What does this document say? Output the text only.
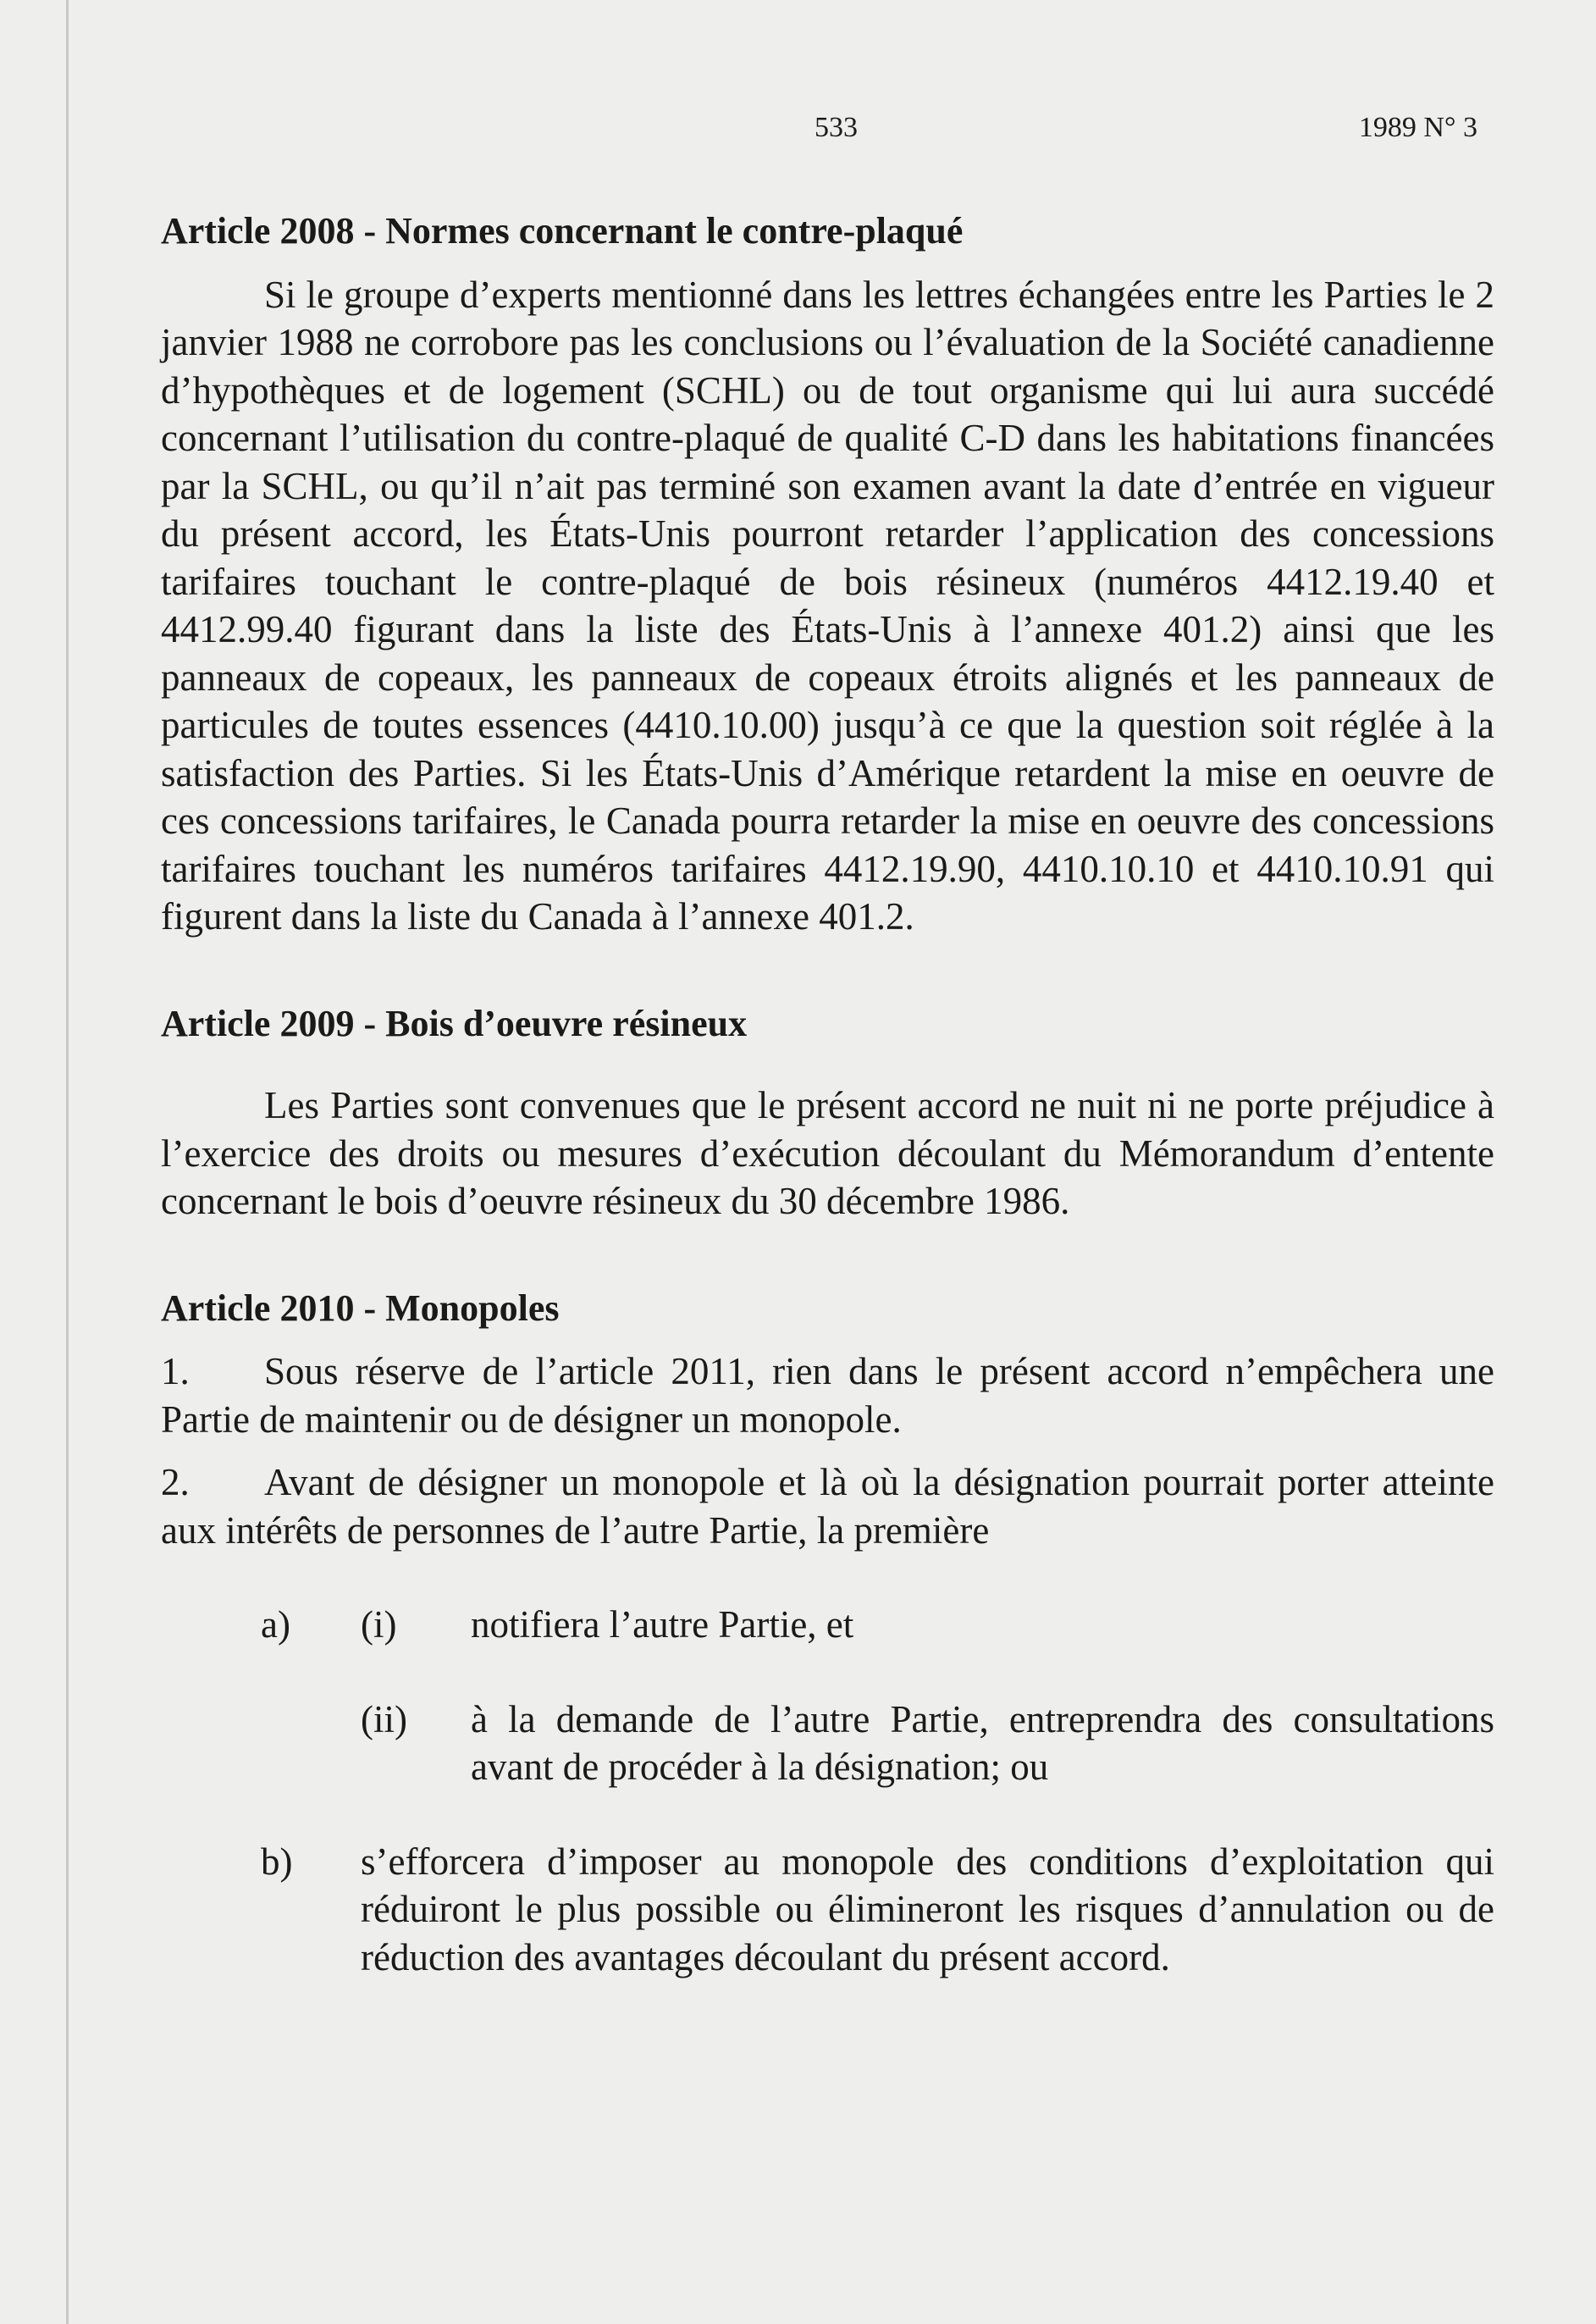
533	1989 N° 3
Article 2008 - Normes concernant le contre-plaqué

Si le groupe d’experts mentionné dans les lettres échangées entre les Parties le 2 janvier 1988 ne corrobore pas les conclusions ou l’évaluation de la Société canadienne d’hypothèques et de logement (SCHL) ou de tout organisme qui lui aura succédé concernant l’utilisation du contre-plaqué de qualité C-D dans les habitations financées par la SCHL, ou qu’il n’ait pas terminé son examen avant la date d’entrée en vigueur du présent accord, les États-Unis pourront retarder l’application des concessions tarifaires touchant le contre-plaqué de bois résineux (numéros 4412.19.40 et 4412.99.40 figurant dans la liste des États-Unis à l’annexe 401.2) ainsi que les panneaux de copeaux, les panneaux de copeaux étroits alignés et les panneaux de particules de toutes essences (4410.10.00) jusqu’à ce que la question soit réglée à la satisfaction des Parties. Si les États-Unis d’Amérique retardent la mise en oeuvre de ces concessions tarifaires, le Canada pourra retarder la mise en oeuvre des concessions tarifaires touchant les numéros tarifaires 4412.19.90, 4410.10.10 et 4410.10.91 qui figurent dans la liste du Canada à l’annexe 401.2.

Article 2009 - Bois d’oeuvre résineux

Les Parties sont convenues que le présent accord ne nuit ni ne porte préjudice à l’exercice des droits ou mesures d’exécution découlant du Mémorandum d’entente concernant le bois d’oeuvre résineux du 30 décembre 1986.

Article 2010 - Monopoles

1. Sous réserve de l’article 2011, rien dans le présent accord n’empêchera une Partie de maintenir ou de désigner un monopole.

2. Avant de désigner un monopole et là où la désignation pourrait porter atteinte aux intérêts de personnes de l’autre Partie, la première

a)	(i)	notifiera l’autre Partie, et
(ii)	à la demande de l’autre Partie, entreprendra des consultations avant de procéder à la désignation; ou
b)	s’efforcera d’imposer au monopole des conditions d’exploitation qui réduiront le plus possible ou élimineront les risques d’annulation ou de réduction des avantages découlant du présent accord.
